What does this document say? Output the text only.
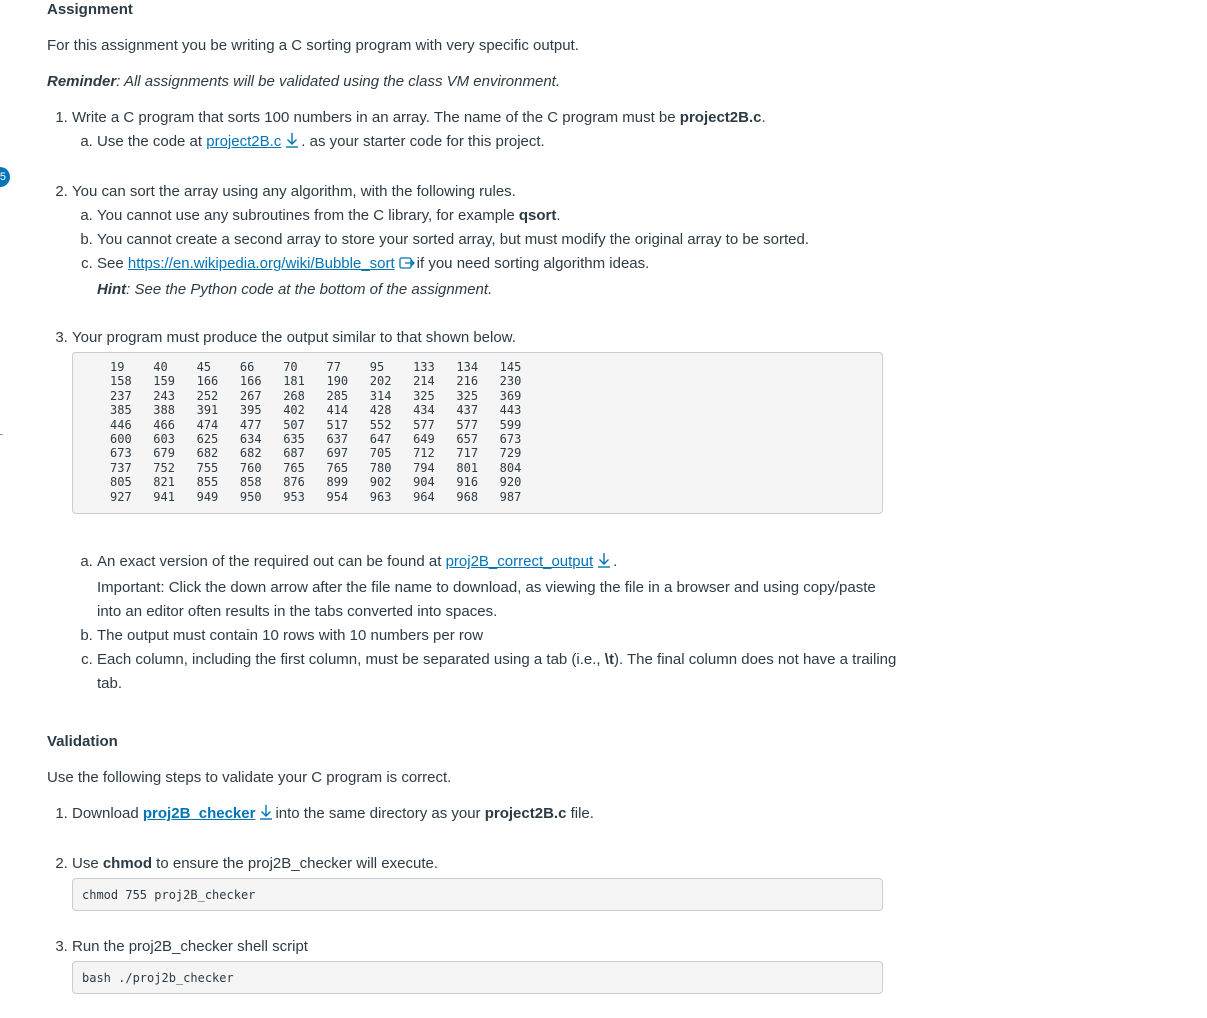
5
Assignment

For this assignment you be writing a C sorting program with very specific output.

Reminder: All assignments will be validated using the class VM environment.

1. Write a C program that sorts 100 numbers in an array. The name of the C program must be project2B.c.
a. Use the code at project2B.c . as your starter code for this project.
2. You can sort the array using any algorithm, with the following rules.
a. You cannot use any subroutines from the C library, for example qsort.
b. You cannot create a second array to store your sorted array, but must modify the original array to be sorted.
c. See https://en.wikipedia.org/wiki/Bubble_sort if you need sorting algorithm ideas.
Hint: See the Python code at the bottom of the assignment.
3. Your program must produce the output similar to that shown below.
19	40	45	66	70	77	95	133	134	145
158	159	166	166	181	190	202	214	216	230
237	243	252	267	268	285	314	325	325	369
385	388	391	395	402	414	428	434	437	443
446	466	474	477	507	517	552	577	577	599
600	603	625	634	635	637	647	649	657	673
673	679	682	682	687	697	705	712	717	729
737	752	755	760	765	765	780	794	801	804
805	821	855	858	876	899	902	904	916	920
927	941	949	950	953	954	963	964	968	987
a. An exact version of the required out can be found at proj2B_correct_output .
Important: Click the down arrow after the file name to download, as viewing the file in a browser and using copy/paste into an editor often results in the tabs converted into spaces.
b. The output must contain 10 rows with 10 numbers per row
c. Each column, including the first column, must be separated using a tab (i.e., \t). The final column does not have a trailing tab.
Validation

Use the following steps to validate your C program is correct.

1. Download proj2B_checker into the same directory as your project2B.c file.
2. Use chmod to ensure the proj2B_checker will execute.
chmod 755 proj2B_checker
3. Run the proj2B_checker shell script
bash ./proj2b_checker
